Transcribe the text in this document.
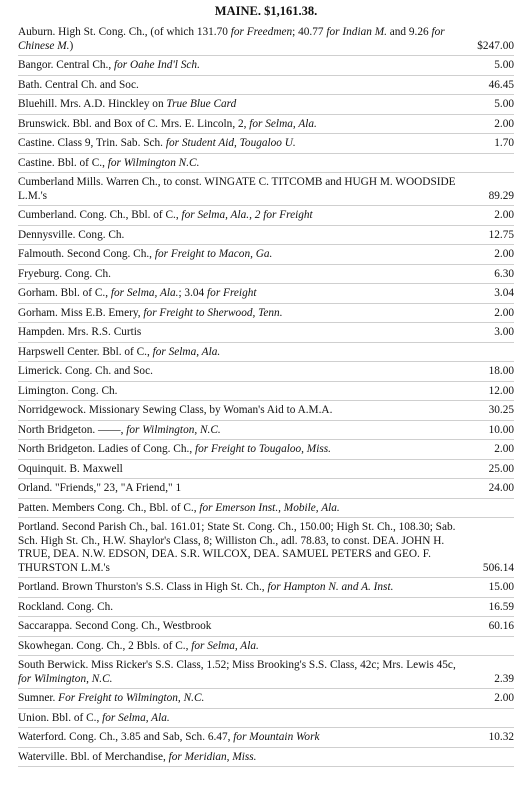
MAINE. $1,161.38.
Auburn. High St. Cong. Ch., (of which 131.70 for Freedmen; 40.77 for Indian M. and 9.26 for Chinese M.)	$247.00
Bangor. Central Ch., for Oahe Ind'l Sch.	5.00
Bath. Central Ch. and Soc.	46.45
Bluehill. Mrs. A.D. Hinckley on True Blue Card	5.00
Brunswick. Bbl. and Box of C. Mrs. E. Lincoln, 2, for Selma, Ala.	2.00
Castine. Class 9, Trin. Sab. Sch. for Student Aid, Tougaloo U.	1.70
Castine. Bbl. of C., for Wilmington N.C.
Cumberland Mills. Warren Ch., to const. WINGATE C. TITCOMB and HUGH M. WOODSIDE L.M.'s	89.29
Cumberland. Cong. Ch., Bbl. of C., for Selma, Ala., 2 for Freight	2.00
Dennysville. Cong. Ch.	12.75
Falmouth. Second Cong. Ch., for Freight to Macon, Ga.	2.00
Fryeburg. Cong. Ch.	6.30
Gorham. Bbl. of C., for Selma, Ala.; 3.04 for Freight	3.04
Gorham. Miss E.B. Emery, for Freight to Sherwood, Tenn.	2.00
Hampden. Mrs. R.S. Curtis	3.00
Harpswell Center. Bbl. of C., for Selma, Ala.
Limerick. Cong. Ch. and Soc.	18.00
Limington. Cong. Ch.	12.00
Norridgewock. Missionary Sewing Class, by Woman's Aid to A.M.A.	30.25
North Bridgeton. ——, for Wilmington, N.C.	10.00
North Bridgeton. Ladies of Cong. Ch., for Freight to Tougaloo, Miss.	2.00
Oquinquit. B. Maxwell	25.00
Orland. "Friends," 23, "A Friend," 1	24.00
Patten. Members Cong. Ch., Bbl. of C., for Emerson Inst., Mobile, Ala.
Portland. Second Parish Ch., bal. 161.01; State St. Cong. Ch., 150.00; High St. Ch., 108.30; Sab. Sch. High St. Ch., H.W. Shaylor's Class, 8; Williston Ch., adl. 78.83, to const. DEA. JOHN H. TRUE, DEA. N.W. EDSON, DEA. S.R. WILCOX, DEA. SAMUEL PETERS and GEO. F. THURSTON L.M.'s	506.14
Portland. Brown Thurston's S.S. Class in High St. Ch., for Hampton N. and A. Inst.	15.00
Rockland. Cong. Ch.	16.59
Saccarappa. Second Cong. Ch., Westbrook	60.16
Skowhegan. Cong. Ch., 2 Bbls. of C., for Selma, Ala.
South Berwick. Miss Ricker's S.S. Class, 1.52; Miss Brooking's S.S. Class, 42c; Mrs. Lewis 45c, for Wilmington, N.C.	2.39
Sumner. For Freight to Wilmington, N.C.	2.00
Union. Bbl. of C., for Selma, Ala.
Waterford. Cong. Ch., 3.85 and Sab, Sch. 6.47, for Mountain Work	10.32
Waterville. Bbl. of Merchandise, for Meridian, Miss.
